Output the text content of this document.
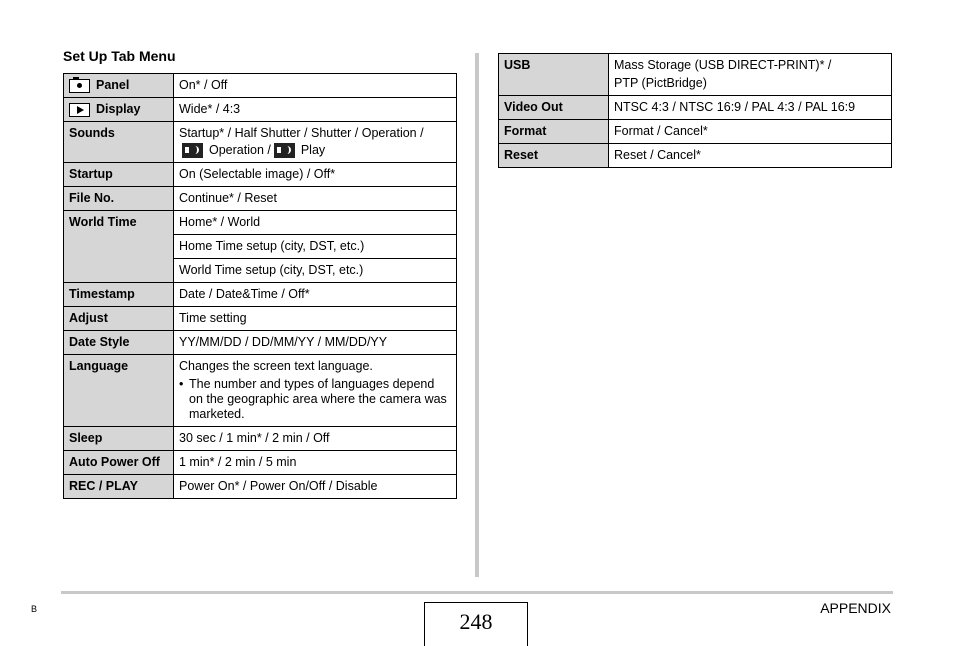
Set Up Tab Menu
Panel	On* / Off
Display	Wide* / 4:3
Sounds	Startup* / Half Shutter / Shutter / Operation /
Operation / Play

Startup	On (Selectable image) / Off*
File No.	Continue* / Reset
World Time	Home* / World
	Home Time setup (city, DST, etc.)
	World Time setup (city, DST, etc.)
Timestamp	Date / Date&Time / Off*
Adjust	Time setting
Date Style	YY/MM/DD / DD/MM/YY / MM/DD/YY
Language	Changes the screen text language.
• The number and types of languages depend on the geographic area where the camera was marketed.

Sleep	30 sec / 1 min* / 2 min / Off
Auto Power Off	1 min* / 2 min / 5 min
REC / PLAY	Power On* / Power On/Off / Disable
USB	Mass Storage (USB DIRECT-PRINT)* /
PTP (PictBridge)

Video Out	NTSC 4:3 / NTSC 16:9 / PAL 4:3 / PAL 16:9
Format	Format / Cancel*
Reset	Reset / Cancel*
B	248
APPENDIX
